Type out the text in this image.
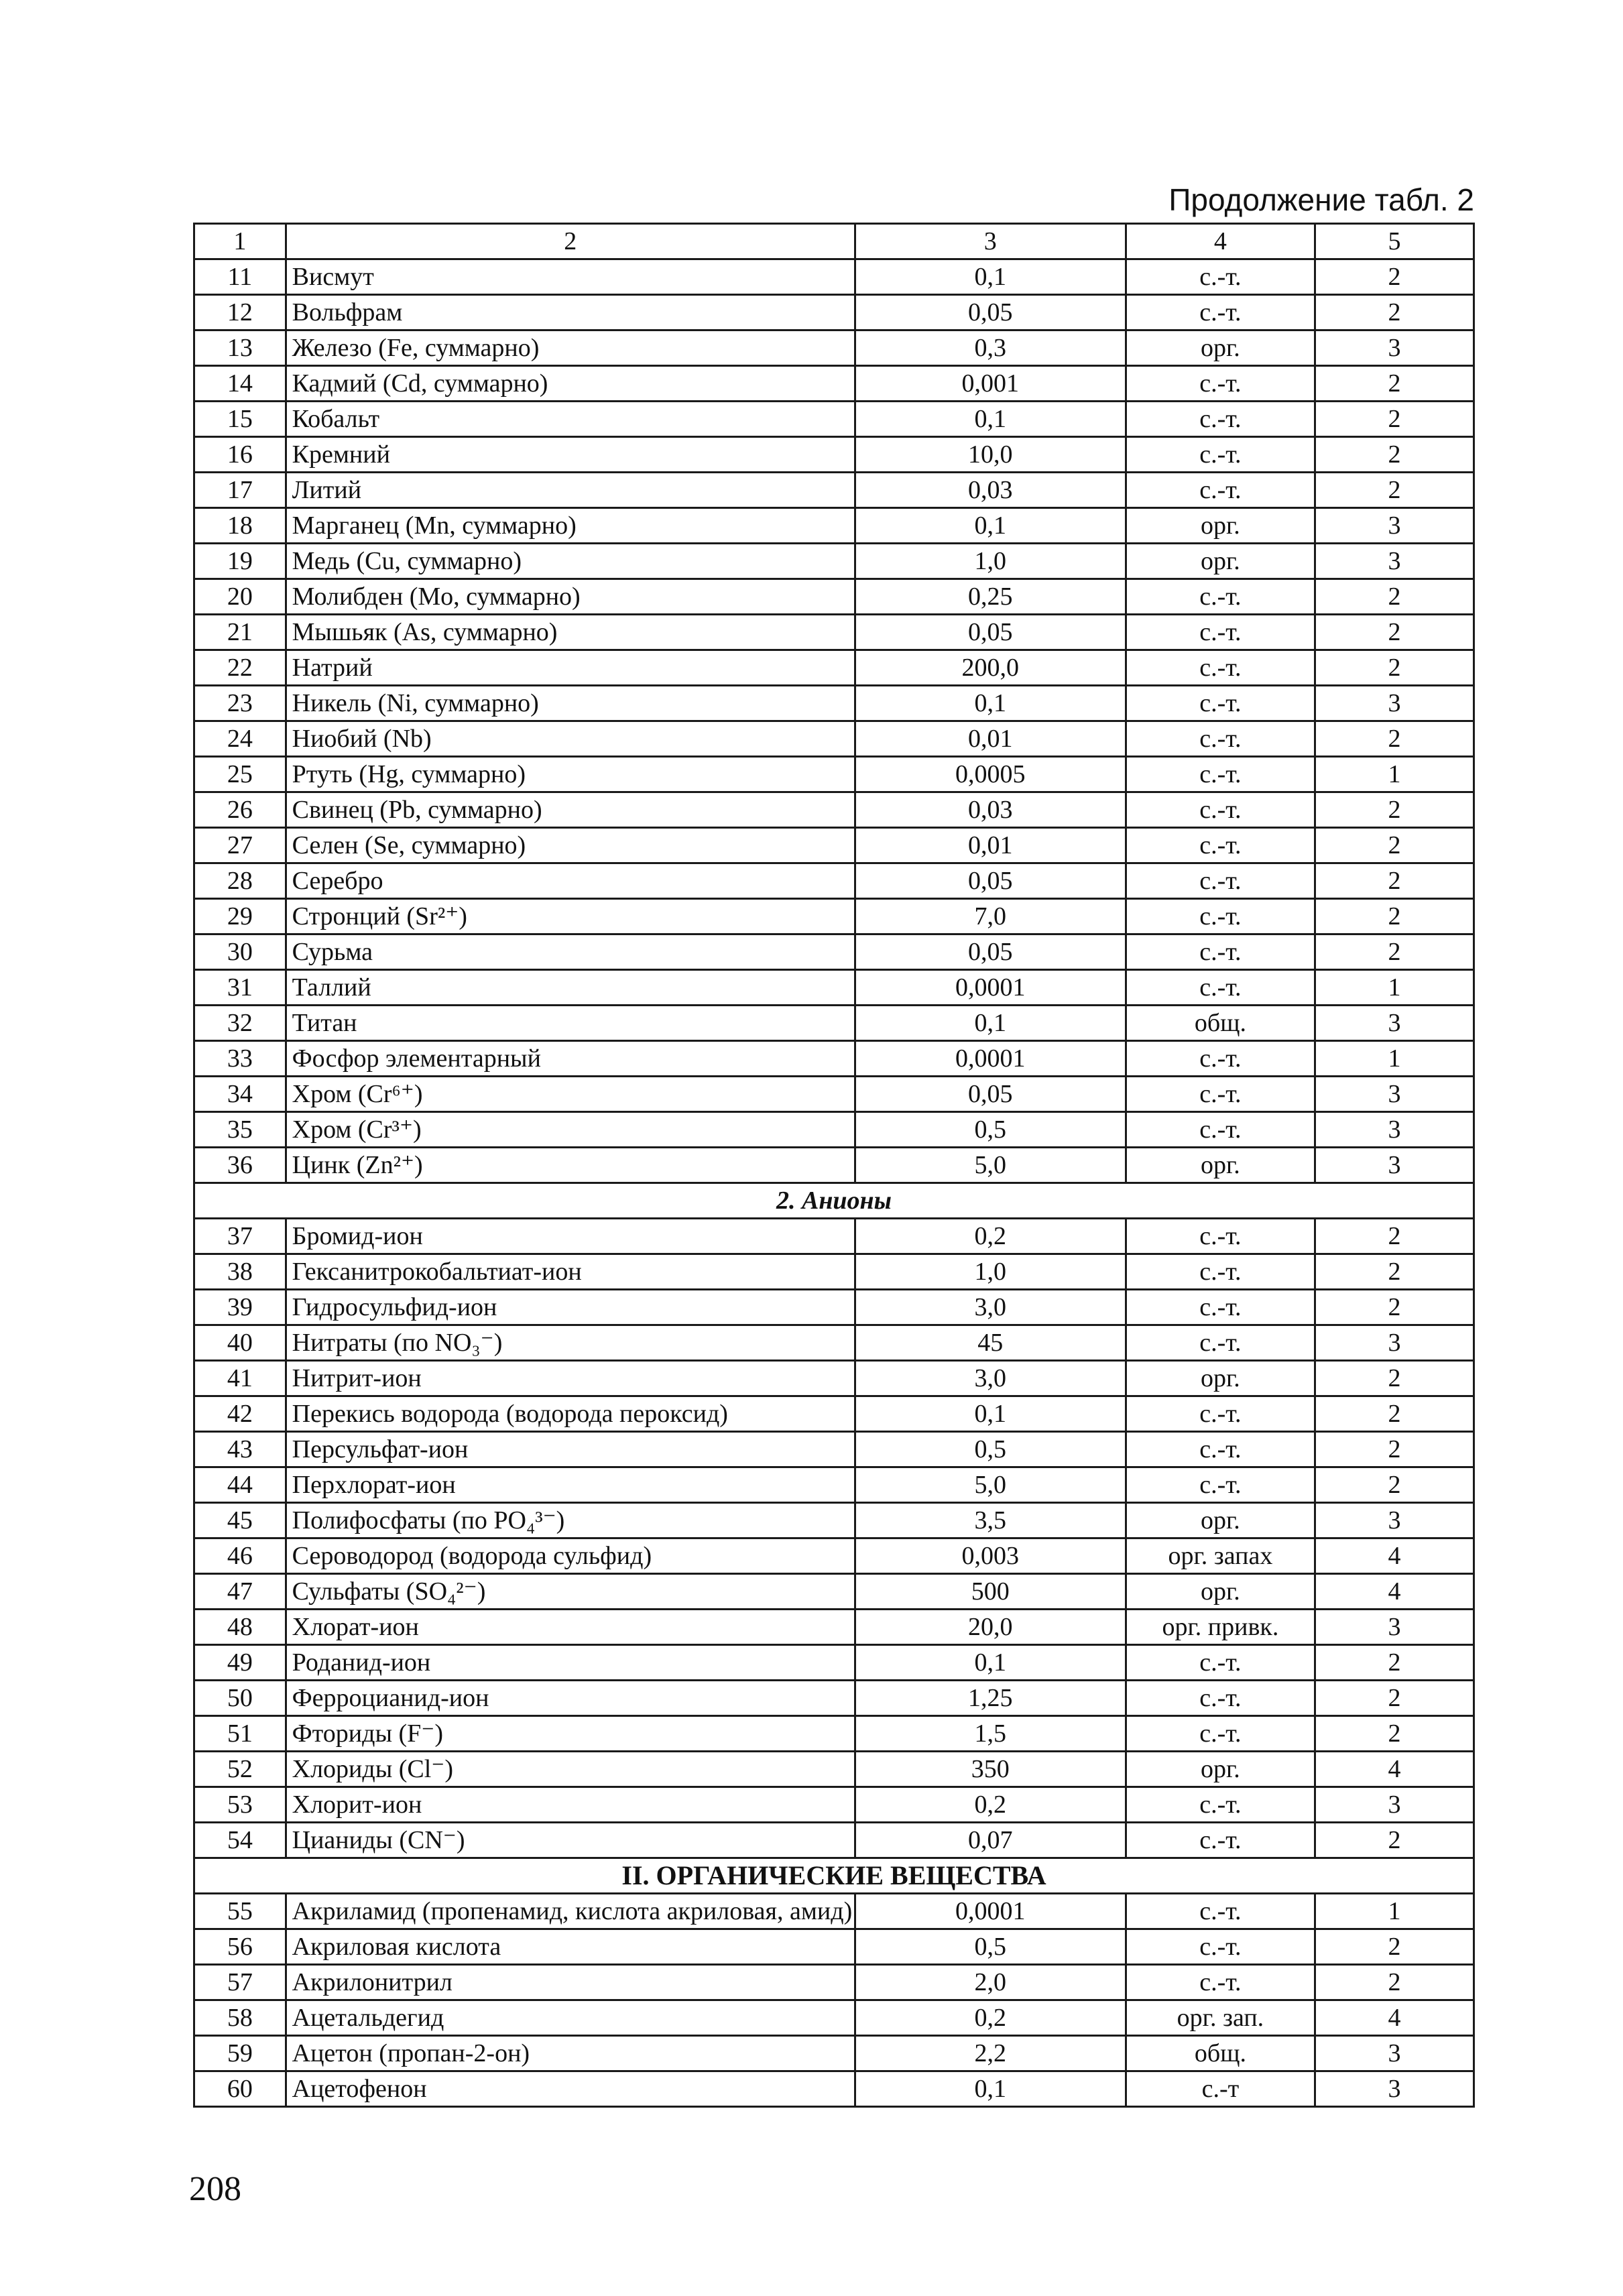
Продолжение табл. 2
1	2	3	4	5
11	Висмут	0,1	с.-т.	2
12	Вольфрам	0,05	с.-т.	2
13	Железо (Fe, суммарно)	0,3	орг.	3
14	Кадмий (Cd, суммарно)	0,001	с.-т.	2
15	Кобальт	0,1	с.-т.	2
16	Кремний	10,0	с.-т.	2
17	Литий	0,03	с.-т.	2
18	Марганец (Mn, суммарно)	0,1	орг.	3
19	Медь (Cu, суммарно)	1,0	орг.	3
20	Молибден (Mo, суммарно)	0,25	с.-т.	2
21	Мышьяк (As, суммарно)	0,05	с.-т.	2
22	Натрий	200,0	с.-т.	2
23	Никель (Ni, суммарно)	0,1	с.-т.	3
24	Ниобий (Nb)	0,01	с.-т.	2
25	Ртуть (Hg, суммарно)	0,0005	с.-т.	1
26	Свинец (Pb, суммарно)	0,03	с.-т.	2
27	Селен (Se, суммарно)	0,01	с.-т.	2
28	Серебро	0,05	с.-т.	2
29	Стронций (Sr²⁺)	7,0	с.-т.	2
30	Сурьма	0,05	с.-т.	2
31	Таллий	0,0001	с.-т.	1
32	Титан	0,1	общ.	3
33	Фосфор элементарный	0,0001	с.-т.	1
34	Хром (Cr⁶⁺)	0,05	с.-т.	3
35	Хром (Cr³⁺)	0,5	с.-т.	3
36	Цинк (Zn²⁺)	5,0	орг.	3
2. Анионы				
37	Бромид-ион	0,2	с.-т.	2
38	Гексанитрокобальтиат-ион	1,0	с.-т.	2
39	Гидросульфид-ион	3,0	с.-т.	2
40	Нитраты (по NO₃⁻)	45	с.-т.	3
41	Нитрит-ион	3,0	орг.	2
42	Перекись водорода (водорода пероксид)	0,1	с.-т.	2
43	Персульфат-ион	0,5	с.-т.	2
44	Перхлорат-ион	5,0	с.-т.	2
45	Полифосфаты (по PO₄³⁻)	3,5	орг.	3
46	Сероводород (водорода сульфид)	0,003	орг. запах	4
47	Сульфаты (SO₄²⁻)	500	орг.	4
48	Хлорат-ион	20,0	орг. привк.	3
49	Роданид-ион	0,1	с.-т.	2
50	Ферроцианид-ион	1,25	с.-т.	2
51	Фториды (F⁻)	1,5	с.-т.	2
52	Хлориды (Cl⁻)	350	орг.	4
53	Хлорит-ион	0,2	с.-т.	3
54	Цианиды (CN⁻)	0,07	с.-т.	2
II. ОРГАНИЧЕСКИЕ ВЕЩЕСТВА				
55	Акриламид (пропенамид, кислота акриловая, амид)	0,0001	с.-т.	1
56	Акриловая кислота	0,5	с.-т.	2
57	Акрилонитрил	2,0	с.-т.	2
58	Ацетальдегид	0,2	орг. зап.	4
59	Ацетон (пропан-2-он)	2,2	общ.	3
60	Ацетофенон	0,1	с.-т	3
208
